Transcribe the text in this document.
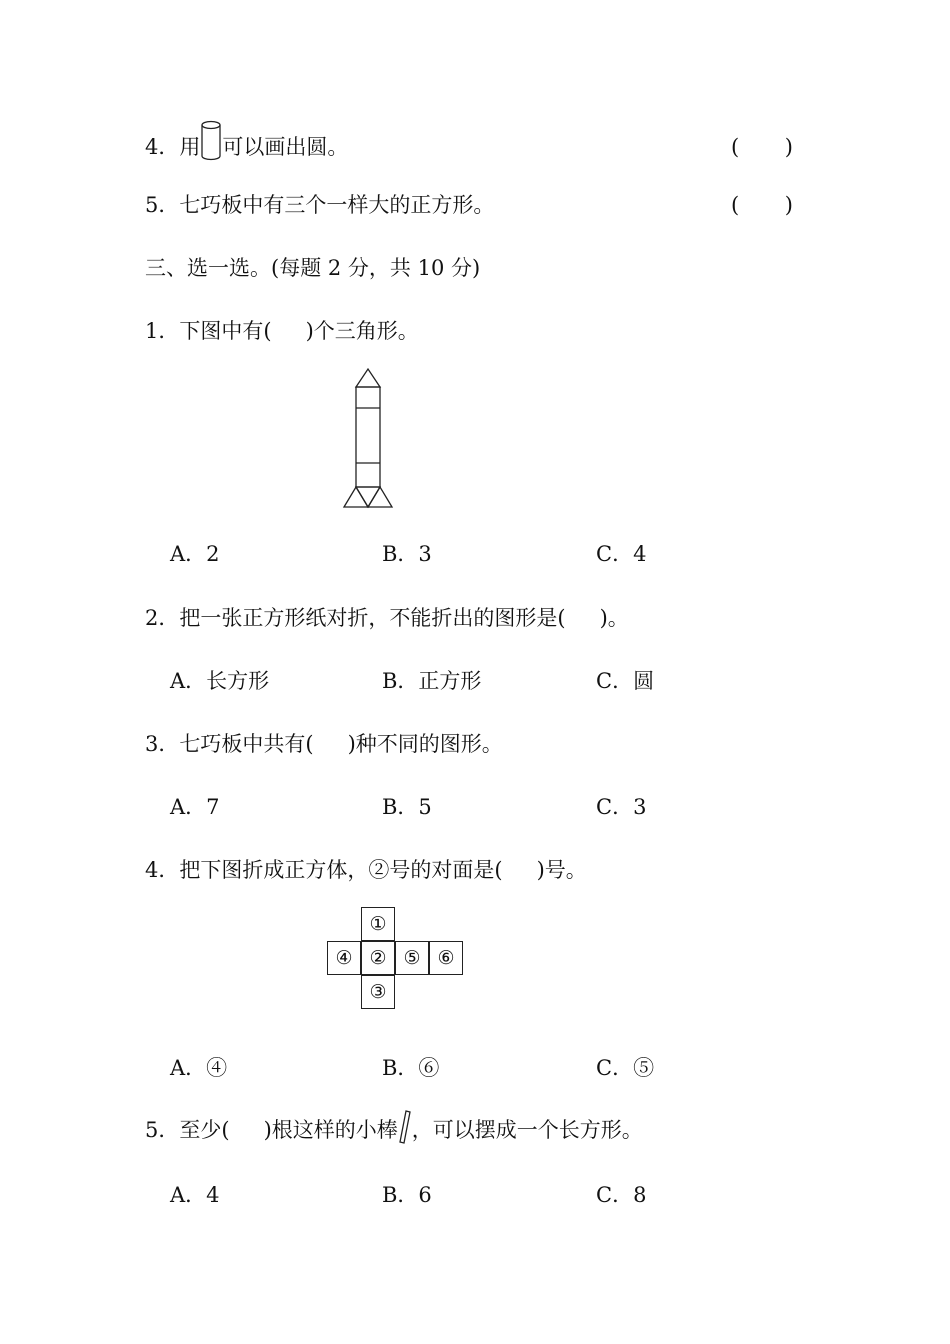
4．用 可以画出圆。	( )
5．七巧板中有三个一样大的正方形。	( )
三、选一选。(每题 2 分，共 10 分)
1．下图中有( )个三角形。
A．2	B．3	C．4
2．把一张正方形纸对折，不能折出的图形是( )。
A．长方形	B．正方形	C．圆
3．七巧板中共有( )种不同的图形。
A．7	B．5	C．3
4．把下图折成正方体，②号的对面是( )号。
①
④ ② ⑤ ⑥
③
A．④	B．⑥	C．⑤
5．至少( )根这样的小棒 ，可以摆成一个长方形。
A．4	B．6	C．8
